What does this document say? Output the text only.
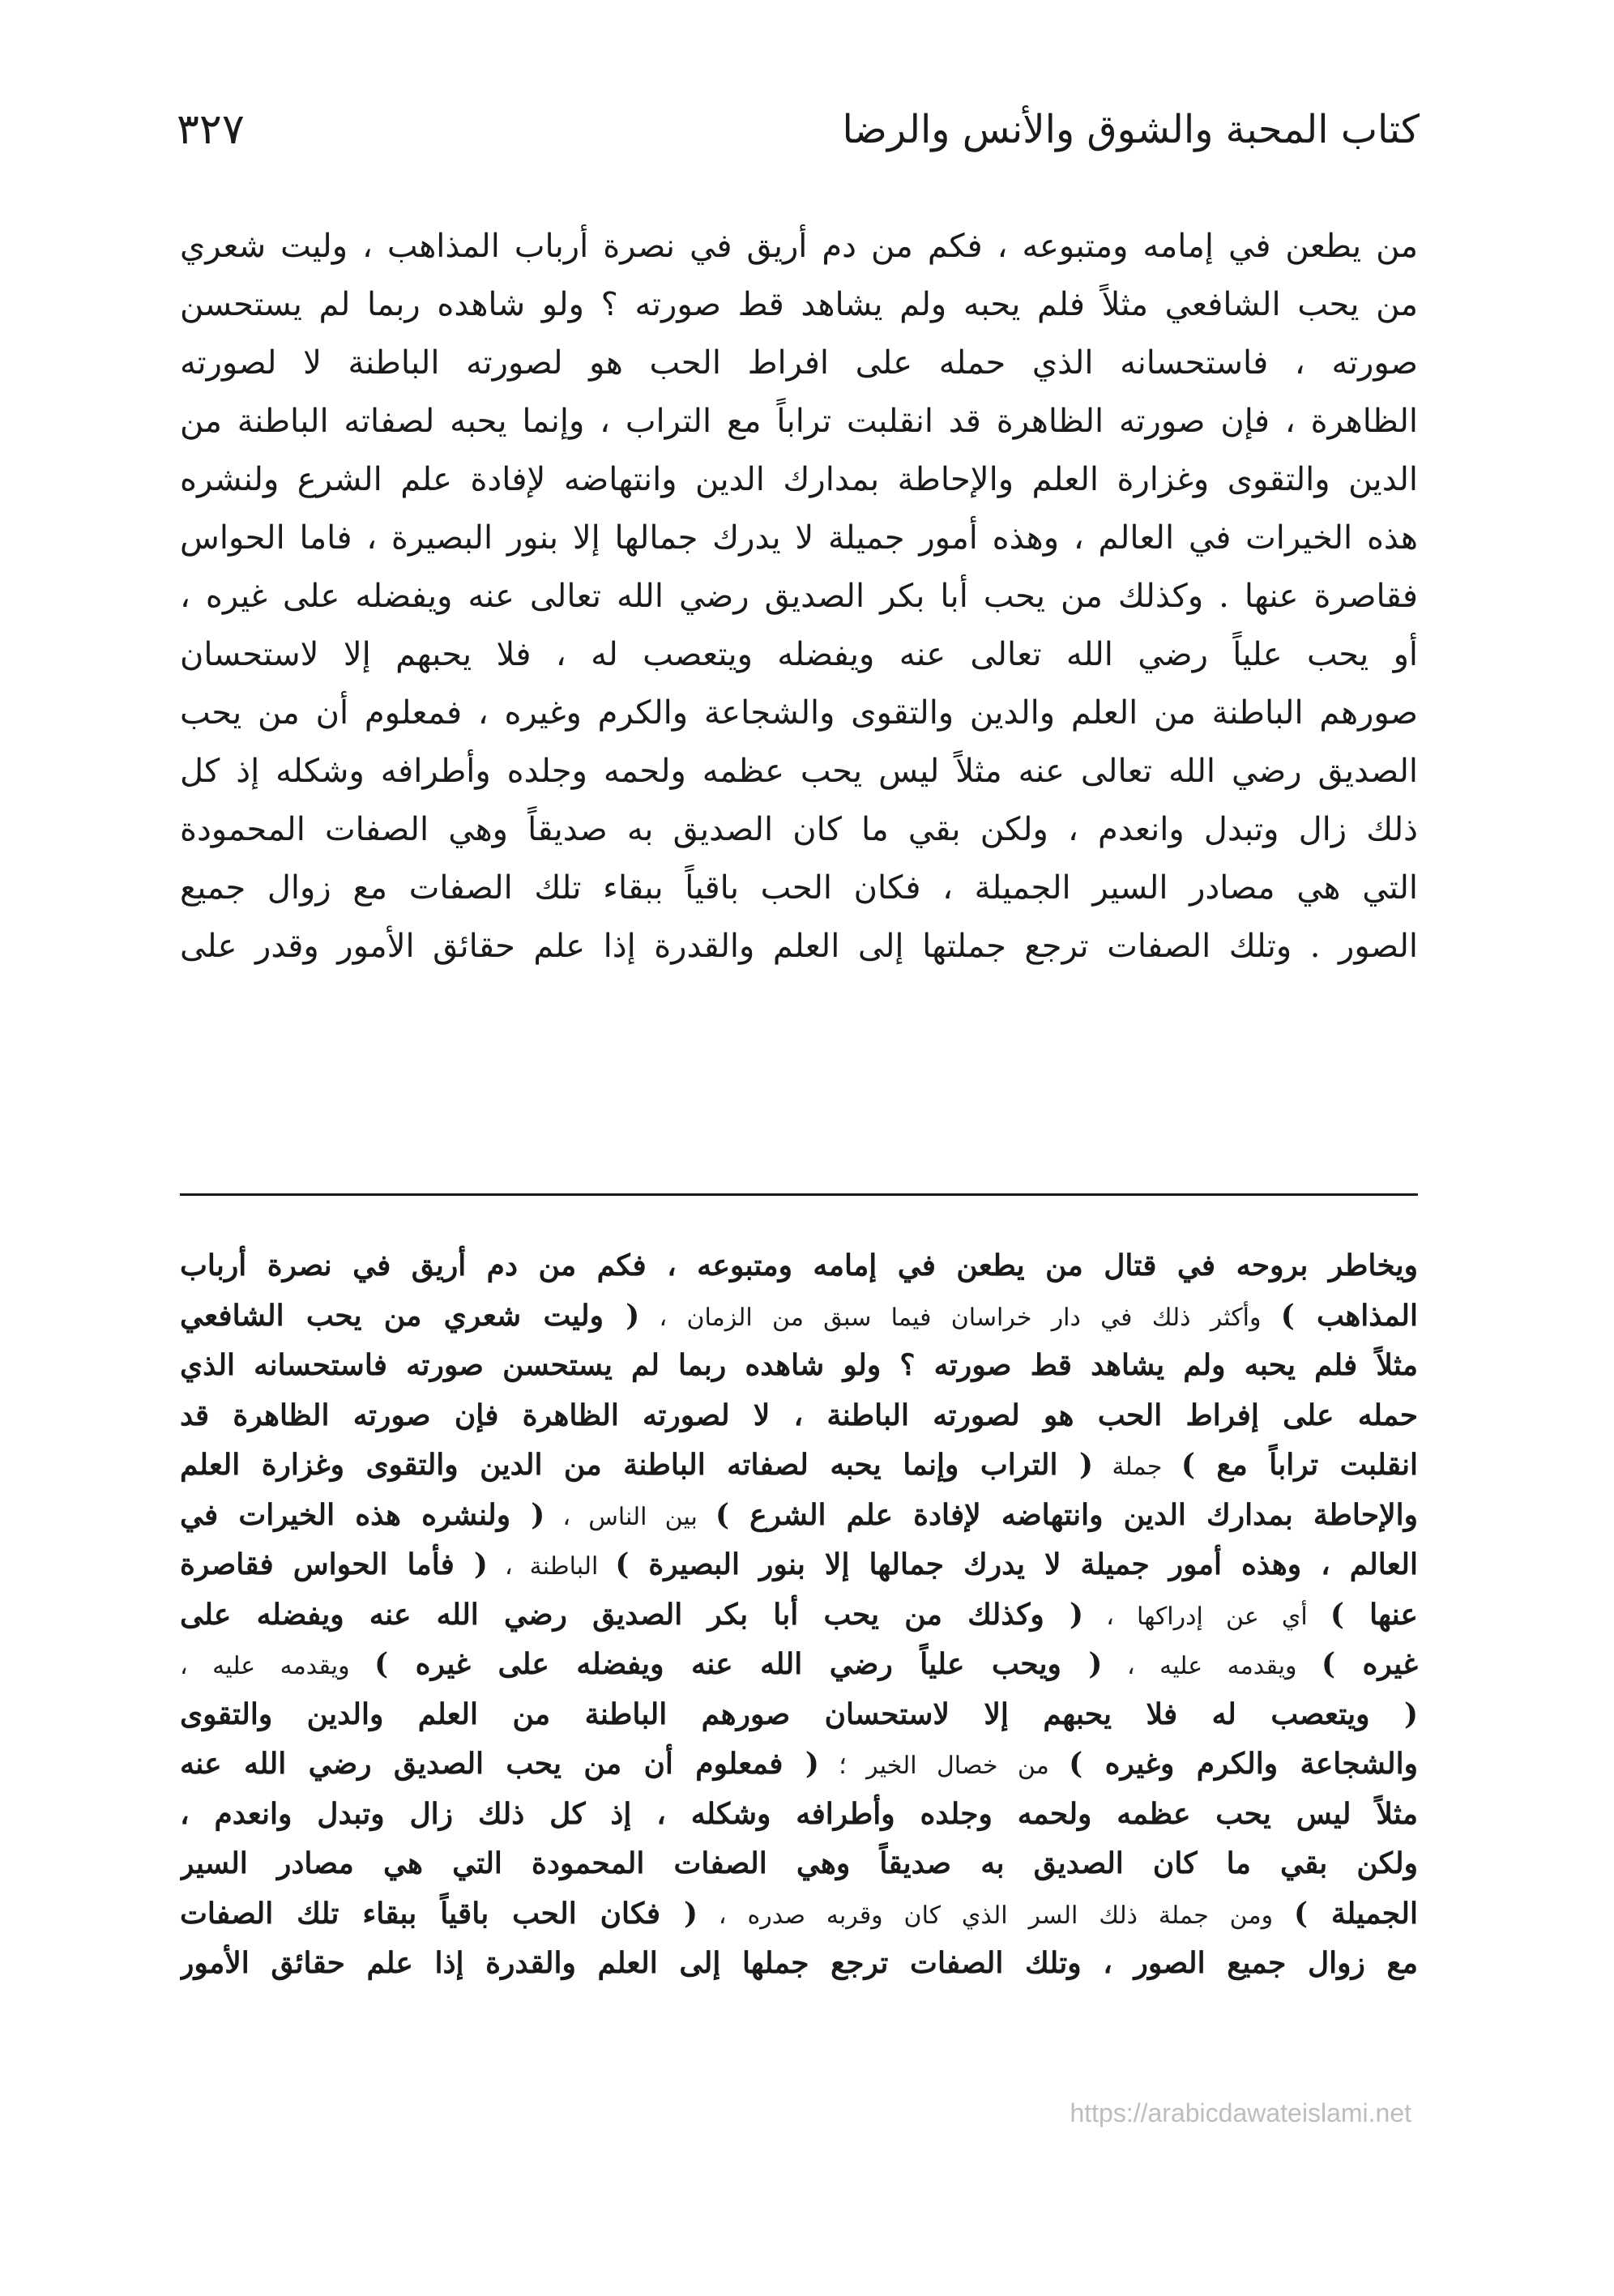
كتاب المحبة والشوق والأنس والرضا
٣٢٧
من يطعن في إمامه ومتبوعه ، فكم من دم أريق في نصرة أرباب المذاهب ، وليت شعري
من يحب الشافعي مثلاً فلم يحبه ولم يشاهد قط صورته ؟ ولو شاهده ربما لم يستحسن
صورته ، فاستحسانه الذي حمله على افراط الحب هو لصورته الباطنة لا لصورته
الظاهرة ، فإن صورته الظاهرة قد انقلبت تراباً مع التراب ، وإنما يحبه لصفاته الباطنة من
الدين والتقوى وغزارة العلم والإحاطة بمدارك الدين وانتهاضه لإفادة علم الشرع ولنشره
هذه الخيرات في العالم ، وهذه أمور جميلة لا يدرك جمالها إلا بنور البصيرة ، فاما الحواس
فقاصرة عنها . وكذلك من يحب أبا بكر الصديق رضي الله تعالى عنه ويفضله على غيره ،
أو يحب علياً رضي الله تعالى عنه ويفضله ويتعصب له ، فلا يحبهم إلا لاستحسان
صورهم الباطنة من العلم والدين والتقوى والشجاعة والكرم وغيره ، فمعلوم أن من يحب
الصديق رضي الله تعالى عنه مثلاً ليس يحب عظمه ولحمه وجلده وأطرافه وشكله إذ كل
ذلك زال وتبدل وانعدم ، ولكن بقي ما كان الصديق به صديقاً وهي الصفات المحمودة
التي هي مصادر السير الجميلة ، فكان الحب باقياً ببقاء تلك الصفات مع زوال جميع
الصور . وتلك الصفات ترجع جملتها إلى العلم والقدرة إذا علم حقائق الأمور وقدر على
ويخاطر بروحه في قتال من يطعن في إمامه ومتبوعه ، فكم من دم أريق في نصرة أرباب
المذاهب ) وأكثر ذلك في دار خراسان فيما سبق من الزمان ، ( وليت شعري من يحب الشافعي
مثلاً فلم يحبه ولم يشاهد قط صورته ؟ ولو شاهده ربما لم يستحسن صورته فاستحسانه الذي
حمله على إفراط الحب هو لصورته الباطنة ، لا لصورته الظاهرة فإن صورته الظاهرة قد
انقلبت تراباً مع ) جملة ( التراب وإنما يحبه لصفاته الباطنة من الدين والتقوى وغزارة العلم
والإحاطة بمدارك الدين وانتهاضه لإفادة علم الشرع ) بين الناس ، ( ولنشره هذه الخيرات في
العالم ، وهذه أمور جميلة لا يدرك جمالها إلا بنور البصيرة ) الباطنة ، ( فأما الحواس فقاصرة
عنها ) أي عن إدراكها ، ( وكذلك من يحب أبا بكر الصديق رضي الله عنه ويفضله على
غيره ) ويقدمه عليه ، ( ويحب علياً رضي الله عنه ويفضله على غيره ) ويقدمه عليه ،
( ويتعصب له فلا يحبهم إلا لاستحسان صورهم الباطنة من العلم والدين والتقوى
والشجاعة والكرم وغيره ) من خصال الخير ؛ ( فمعلوم أن من يحب الصديق رضي الله عنه
مثلاً ليس يحب عظمه ولحمه وجلده وأطرافه وشكله ، إذ كل ذلك زال وتبدل وانعدم ،
ولكن بقي ما كان الصديق به صديقاً وهي الصفات المحمودة التي هي مصادر السير
الجميلة ) ومن جملة ذلك السر الذي كان وقربه صدره ، ( فكان الحب باقياً ببقاء تلك الصفات
مع زوال جميع الصور ، وتلك الصفات ترجع جملها إلى العلم والقدرة إذا علم حقائق الأمور
https://arabicdawateislami.net
